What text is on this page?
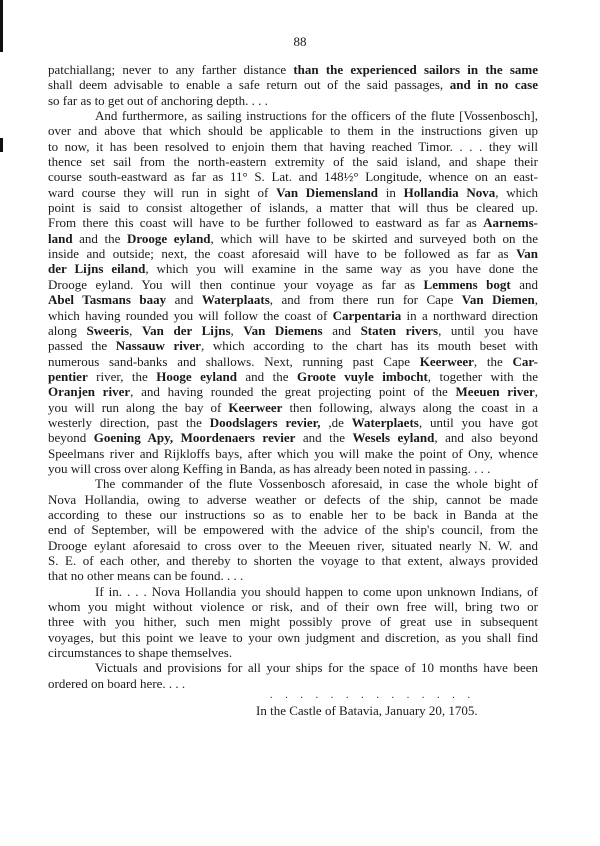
88
patchiallang; never to any farther distance than the experienced sailors in the same
shall deem advisable to enable a safe return out of the said passages, and in no case
so far as to get out of anchoring depth. . . .
And furthermore, as sailing instructions for the officers of the flute [Vossenbosch],
over and above that which should be applicable to them in the instructions given up
to now, it has been resolved to enjoin them that having reached Timor. . . . they will
thence set sail from the north-eastern extremity of the said island, and shape their
course south-eastward as far as 11° S. Lat. and 148½° Longitude, whence on an east-
ward course they will run in sight of Van Diemensland in Hollandia Nova, which
point is said to consist altogether of islands, a matter that will thus be cleared up.
From there this coast will have to be further followed to eastward as far as Aarnems-
land and the Drooge eyland, which will have to be skirted and surveyed both on the
inside and outside; next, the coast aforesaid will have to be followed as far as Van
der Lijns eiland, which you will examine in the same way as you have done the
Drooge eyland. You will then continue your voyage as far as Lemmens bogt and
Abel Tasmans baay and Waterplaats, and from there run for Cape Van Diemen,
which having rounded you will follow the coast of Carpentaria in a northward direction
along Sweeris, Van der Lijns, Van Diemens and Staten rivers, until you have
passed the Nassauw river, which according to the chart has its mouth beset with
numerous sand-banks and shallows. Next, running past Cape Keerweer, the Car-
pentier river, the Hooge eyland and the Groote vuyle imbocht, together with the
Oranjen river, and having rounded the great projecting point of the Meeuen river,
you will run along the bay of Keerweer then following, always along the coast in a
westerly direction, past the Doodslagers revier, ,de Waterplaets, until you have got
beyond Goening Apy, Moordenaers revier and the Wesels eyland, and also beyond
Speelmans river and Rijkloffs bays, after which you will make the point of Ony, whence
you will cross over along Keffing in Banda, as has already been noted in passing. . . .
The commander of the flute Vossenbosch aforesaid, in case the whole bight of
Nova Hollandia, owing to adverse weather or defects of the ship, cannot be made
according to these our instructions so as to enable her to be back in Banda at the
end of September, will be empowered with the advice of the ship's council, from the
Drooge eylant aforesaid to cross over to the Meeuen river, situated nearly N. W. and
S. E. of each other, and thereby to shorten the voyage to that extent, always provided
that no other means can be found. . . .
If in. . . . Nova Hollandia you should happen to come upon unknown Indians, of
whom you might without violence or risk, and of their own free will, bring two or
three with you hither, such men might possibly prove of great use in subsequent
voyages, but this point we leave to your own judgment and discretion, as you shall find
circumstances to shape themselves.
Victuals and provisions for all your ships for the space of 10 months have been
ordered on board here. . . .
. . . . . . . . . . . . . .
In the Castle of Batavia, January 20, 1705.
